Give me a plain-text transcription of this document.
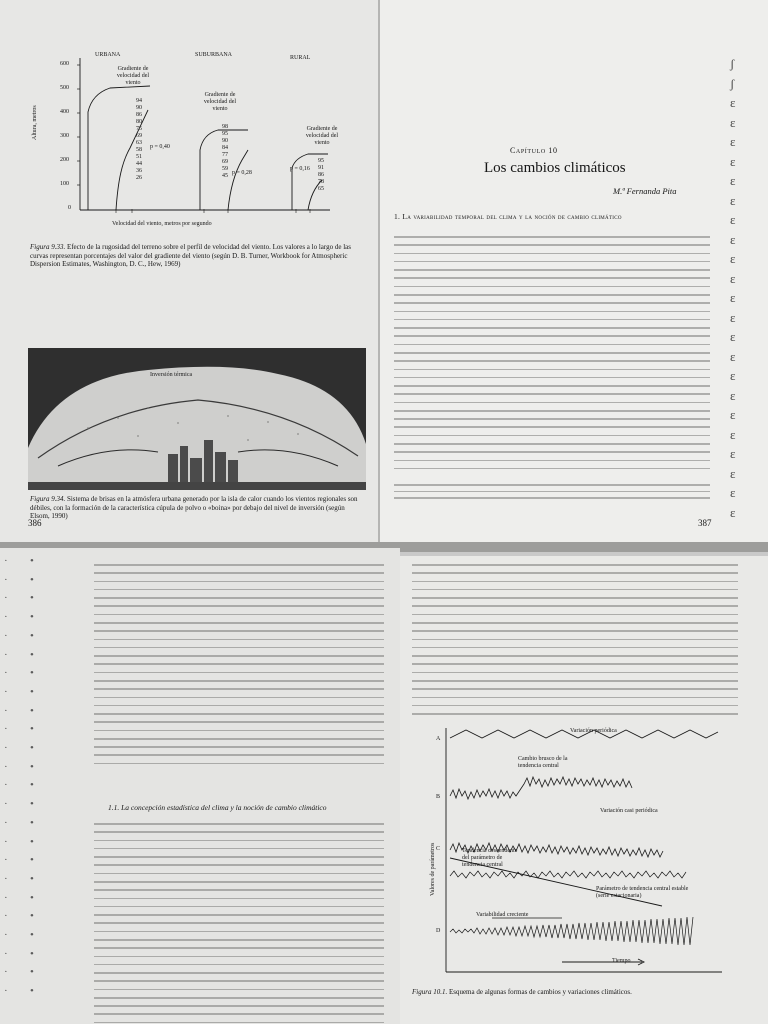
URBANA	SUBURBANA	RURAL
600
500
400
300
200
100
0
Altura, metros
Gradiente de velocidad del viento
Gradiente de velocidad del viento
Gradiente de velocidad del viento
94
90
86
80
75
69
63
58
51
44
36
26
p = 0,40
98
95
90
84
77
69
59
45 p = 0,28
95
91
86
78
65
p = 0,16
Velocidad del viento, metros por segundo
Figura 9.33. Efecto de la rugosidad del terreno sobre el perfil de velocidad del viento. Los valores a lo largo de las curvas representan porcentajes del valor del gradiente del viento (según D. B. Turner, Workbook for Atmospheric Dispersion Estimates, Washington, D. C., Hew, 1969)
Inversión térmica
Figura 9.34. Sistema de brisas en la atmósfera urbana generado por la isla de calor cuando los vientos regionales son débiles, con la formación de la característica cúpula de polvo o «boina» por debajo del nivel de inversión (según Elsom, 1990)
386
Capítulo 10
Los cambios climáticos
M.ª Fernanda Pita
1. La variabilidad temporal del clima y la noción de cambio climático
387
ʃ
ʃ
ɛ
ɛ
ɛ
ɛ
ɛ
ɛ
ɛ
ɛ
ɛ
ɛ
ɛ
ɛ
ɛ
ɛ
ɛ
ɛ
ɛ
ɛ
ɛ
ɛ
ɛ
ɛ
•
•
•
•
•
•
•
•
•
•
•
•
•
•
•
•
•
•
•
•
•
•
•
•
·
·
·
·
·
·
·
·
·
·
·
·
·
·
·
·
·
·
·
·
·
·
·
·
1.1. La concepción estadística del clima y la noción de cambio climático
A
B
C
D
Variación periódica
Cambio brusco de la tendencia central
Variación casi periódica
Tendencia descendente del parámetro de tendencia central
Parámetro de tendencia central estable (serie estacionaria)
Variabilidad creciente
Valores de parámetros
Tiempo
Figura 10.1. Esquema de algunas formas de cambios y variaciones climáticos.
